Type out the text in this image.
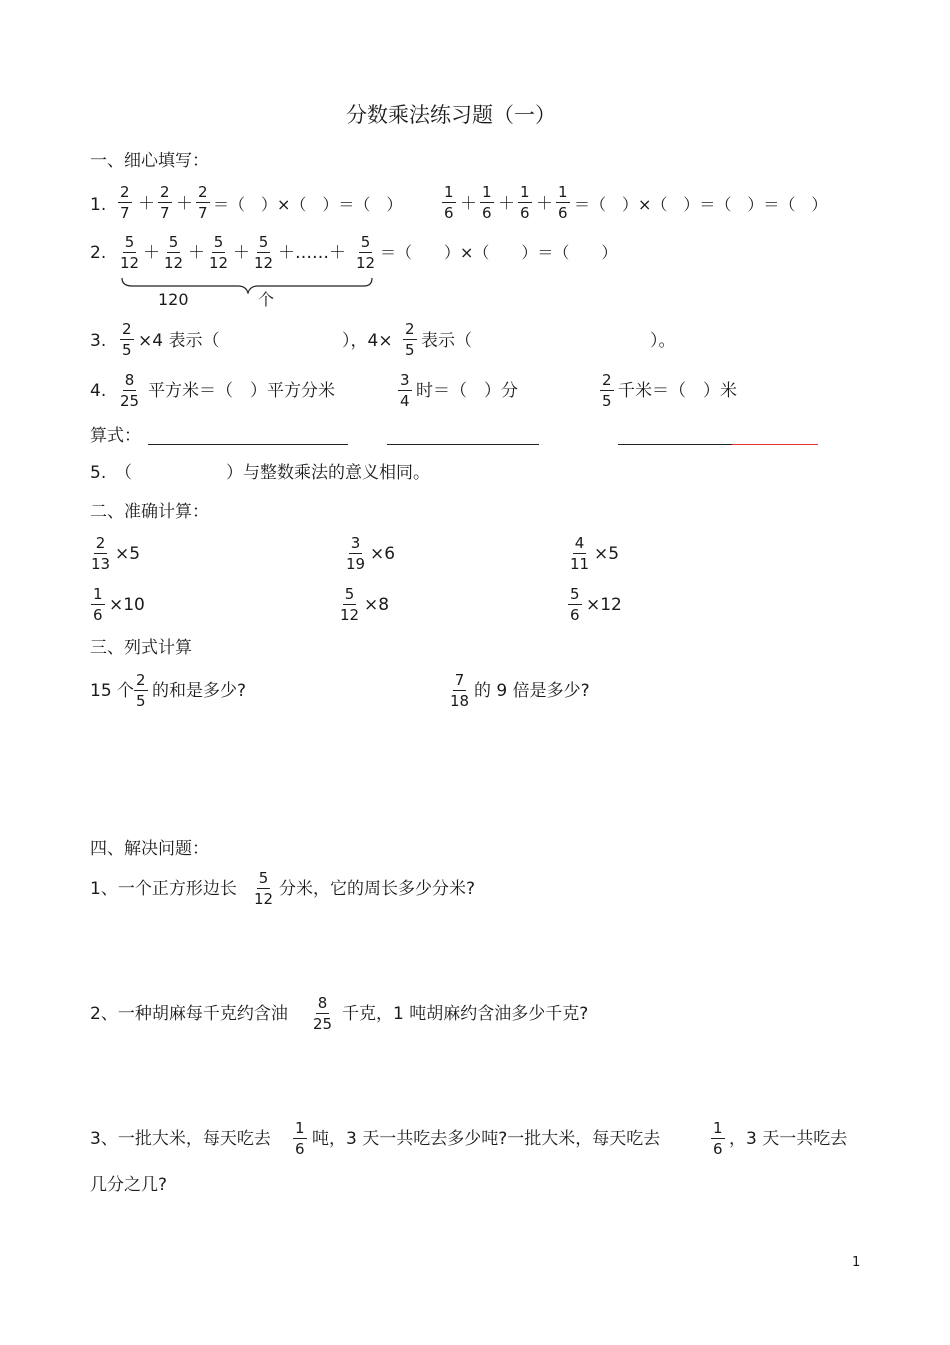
分数乘法练习题（一）
一、细心填写：
1. $\frac{2}{7} + \frac{2}{7} + \frac{2}{7}$ ＝（　）×（　）＝（　）	$\frac{1}{6} + \frac{1}{6} + \frac{1}{6} + \frac{1}{6}$ ＝（　）×（　）＝（　）＝（　）
2. $\frac{5}{12} + \frac{5}{12} + \frac{5}{12} + \frac{5}{12}$ ＋……＋ $\frac{5}{12}$ ＝（　　）×（　　）＝（　　）
120	个
3. $\frac{2}{5} \times 4$ 表示（	），$4\times \frac{2}{5}$ 表示（	）。
4. $\frac{8}{25}$ 平方米＝（　）平方分米	$\frac{3}{4}$ 时＝（　）分	$\frac{2}{5}$ 千米＝（　）米
算式：
5. （	）与整数乘法的意义相同。
二、准确计算：
$\frac{2}{13} \times 5$	$\frac{3}{19} \times 6$	$\frac{4}{11} \times 5$
$\frac{1}{6} \times 10$	$\frac{5}{12} \times 8$	$\frac{5}{6} \times 12$
三、列式计算
15 个 $\frac{2}{5}$ 的和是多少?	$\frac{7}{18}$ 的 9 倍是多少?
四、解决问题：
1、一个正方形边长 $\frac{5}{12}$ 分米，它的周长多少分米?
2、一种胡麻每千克约含油 $\frac{8}{25}$ 千克，1 吨胡麻约含油多少千克?
3、一批大米，每天吃去 $\frac{1}{6}$ 吨，3 天一共吃去多少吨?一批大米，每天吃去	$\frac{1}{6}$ ，3 天一共吃去
几分之几?
1
